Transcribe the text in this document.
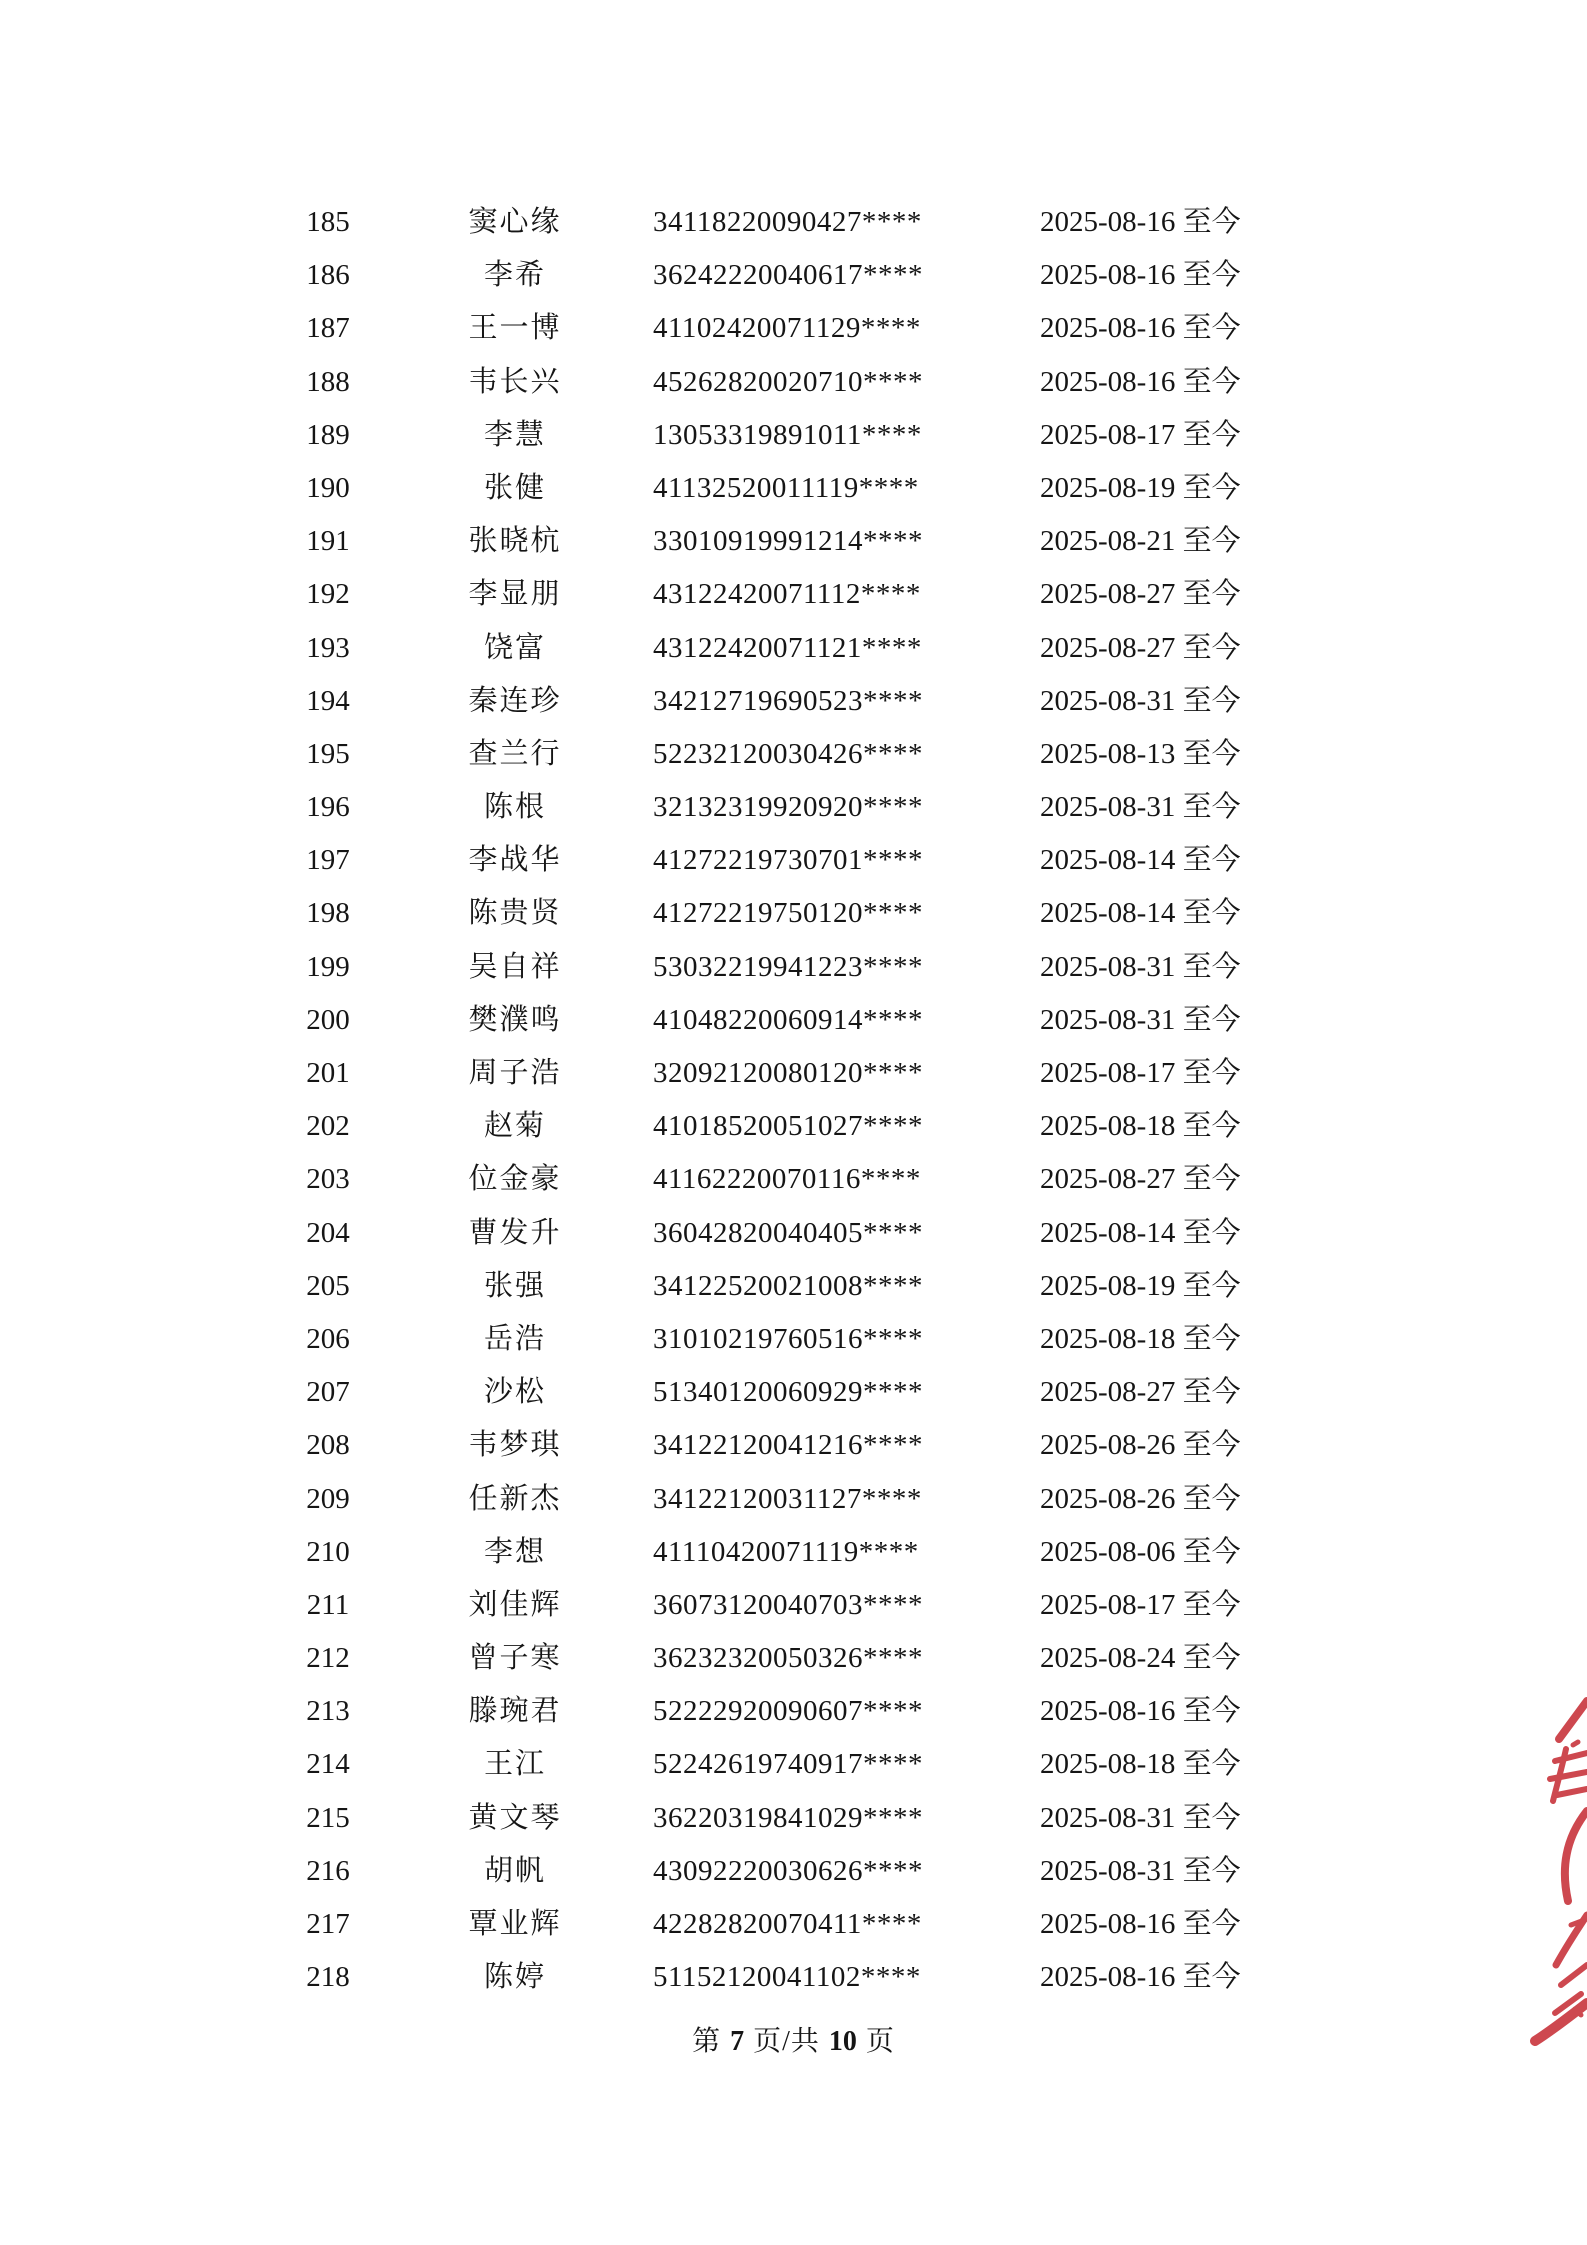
185	窦心缘	34118220090427****	2025-08-16 至今
186	李希	36242220040617****	2025-08-16 至今
187	王一博	41102420071129****	2025-08-16 至今
188	韦长兴	45262820020710****	2025-08-16 至今
189	李慧	13053319891011****	2025-08-17 至今
190	张健	41132520011119****	2025-08-19 至今
191	张晓杭	33010919991214****	2025-08-21 至今
192	李显朋	43122420071112****	2025-08-27 至今
193	饶富	43122420071121****	2025-08-27 至今
194	秦连珍	34212719690523****	2025-08-31 至今
195	查兰行	52232120030426****	2025-08-13 至今
196	陈根	32132319920920****	2025-08-31 至今
197	李战华	41272219730701****	2025-08-14 至今
198	陈贵贤	41272219750120****	2025-08-14 至今
199	吴自祥	53032219941223****	2025-08-31 至今
200	樊濮鸣	41048220060914****	2025-08-31 至今
201	周子浩	32092120080120****	2025-08-17 至今
202	赵菊	41018520051027****	2025-08-18 至今
203	位金豪	41162220070116****	2025-08-27 至今
204	曹发升	36042820040405****	2025-08-14 至今
205	张强	34122520021008****	2025-08-19 至今
206	岳浩	31010219760516****	2025-08-18 至今
207	沙松	51340120060929****	2025-08-27 至今
208	韦梦琪	34122120041216****	2025-08-26 至今
209	任新杰	34122120031127****	2025-08-26 至今
210	李想	41110420071119****	2025-08-06 至今
211	刘佳辉	36073120040703****	2025-08-17 至今
212	曾子寒	36232320050326****	2025-08-24 至今
213	滕琬君	52222920090607****	2025-08-16 至今
214	王江	52242619740917****	2025-08-18 至今
215	黄文琴	36220319841029****	2025-08-31 至今
216	胡帆	43092220030626****	2025-08-31 至今
217	覃业辉	42282820070411****	2025-08-16 至今
218	陈婷	51152120041102****	2025-08-16 至今
第 7 页/共 10 页
